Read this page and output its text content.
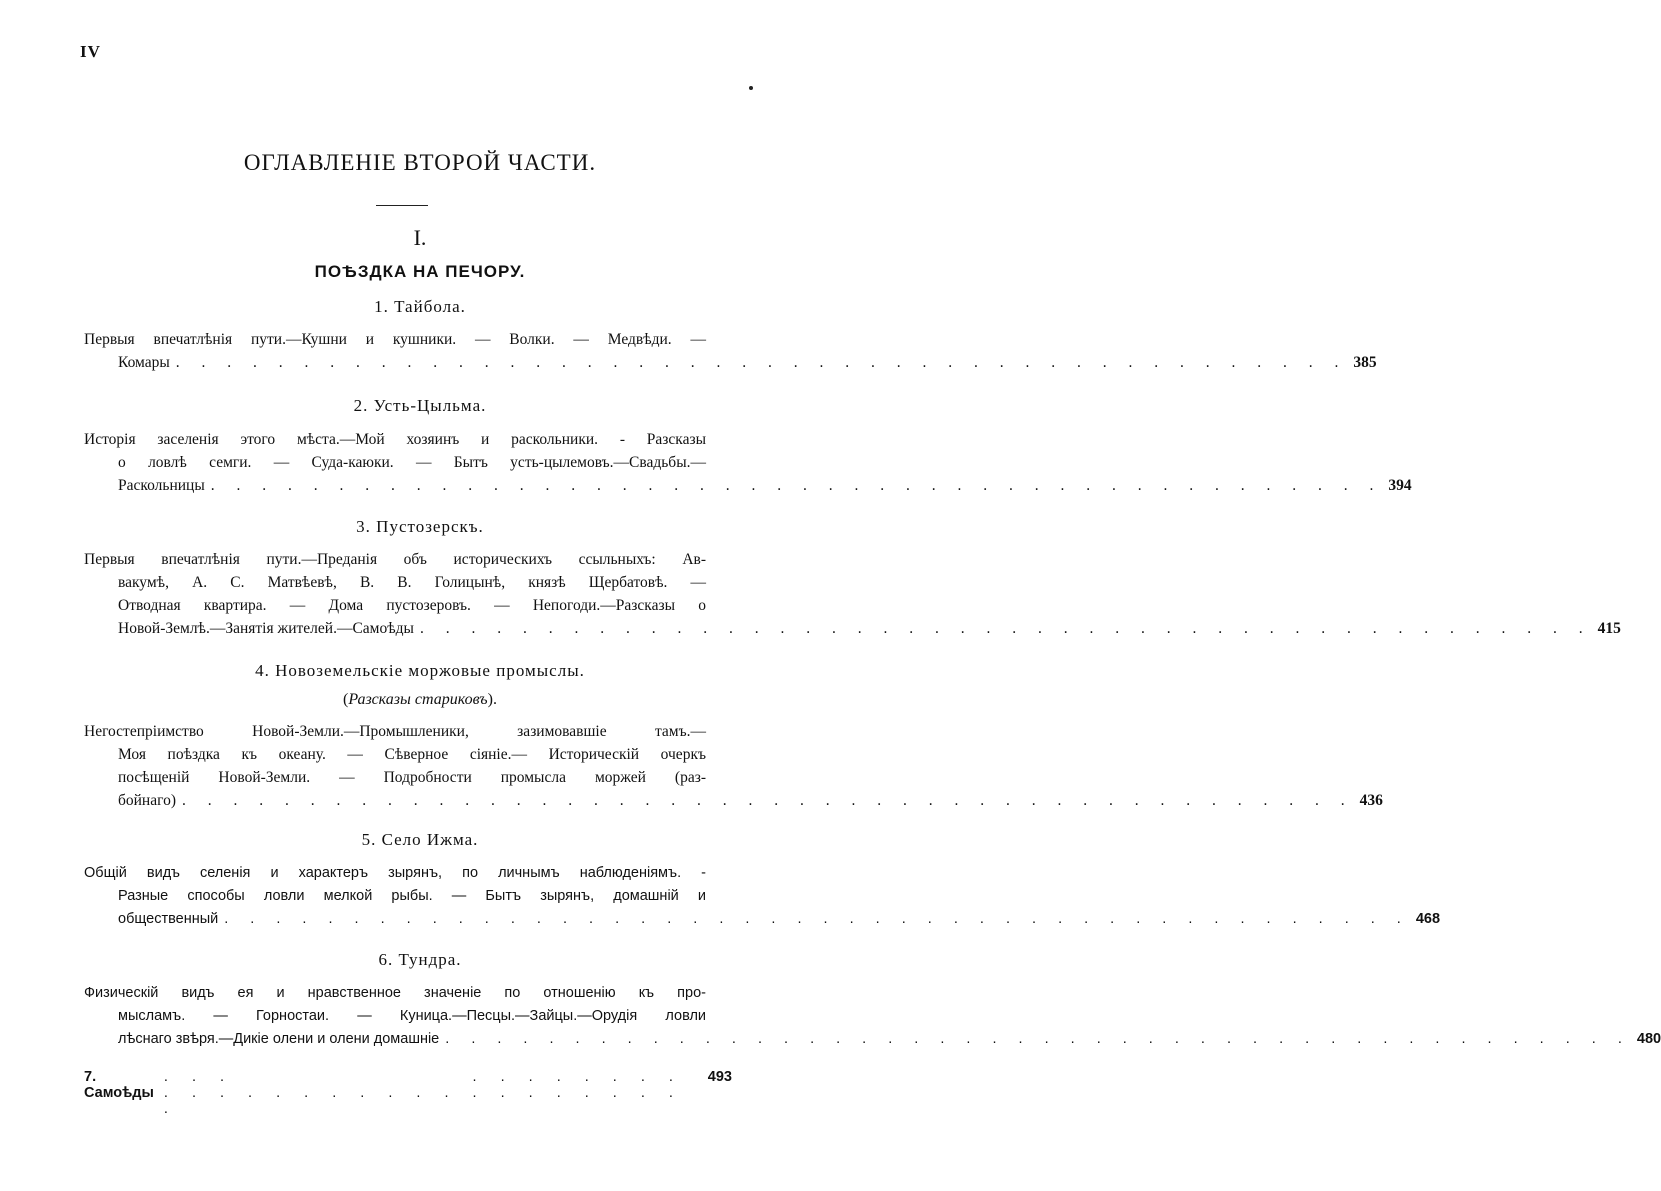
IV
ОГЛАВЛЕНІЕ ВТОРОЙ ЧАСТИ.
I.
ПОѢЗДКА НА ПЕЧОРУ.
1. Тайбола.
Первыя впечатлѣнія пути.—Кушни и кушники. — Волки. — Медвѣди. —
Комары . . . . . . . . . . . . . . . . . . . . . . . . . . . . . . . . . . . . . . . . . . . . . . 385
2. Усть-Цыльма.
Исторія заселенія этого мѣста.—Мой хозяинъ и раскольники. - Разсказы
о ловлѣ семги. — Суда-каюки. — Бытъ усть-цылемовъ.—Свадьбы.—
Раскольницы . . . . . . . . . . . . . . . . . . . . . . . . . . . . . . . . . . . . . . . . . . . . . . 394
3. Пустозерскъ.
Первыя впечатлѣнія пути.—Преданія объ историческихъ ссыльныхъ: Ав-
вакумѣ, А. С. Матвѣевѣ, В. В. Голицынѣ, князѣ Щербатовѣ. —
Отводная квартира. — Дома пустозеровъ. — Непогоди.—Разсказы о
Новой-Землѣ.—Занятія жителей.—Самоѣды . . . . . . . . . . . . . . . . . . . . . . . . . . . . . . . . . . . . . . . . . . . . . . 415
4. Новоземельскіе моржовые промыслы.
(Разсказы стариковъ).
Негостепріимство Новой-Земли.—Промышленики, зазимовавшіе тамъ.—
Моя поѣздка къ океану. — Сѣверное сіяніе.— Историческій очеркъ
посѣщеній Новой-Земли. — Подробности промысла моржей (раз-
бойнаго) . . . . . . . . . . . . . . . . . . . . . . . . . . . . . . . . . . . . . . . . . . . . . . 436
5. Село Ижма.
Общій видъ селенія и характеръ зырянъ, по личнымъ наблюденіямъ. -
Разные способы ловли мелкой рыбы. — Бытъ зырянъ, домашній и
общественный . . . . . . . . . . . . . . . . . . . . . . . . . . . . . . . . . . . . . . . . . . . . . . 468
6. Тундра.
Физическій видъ ея и нравственное значеніе по отношенію къ про-
мысламъ. — Горностаи. — Куница.—Песцы.—Зайцы.—Орудія ловли
лѣснаго звѣря.—Дикіе олени и олени домашніе . . . . . . . . . . . . . . . . . . . . . . . . . . . . . . . . . . . . . . . . . . . . . . 480
7. Самоѣды
. . .                 . . . . . . . . . . . . . . . . . . . . . . . . . . . .
493
